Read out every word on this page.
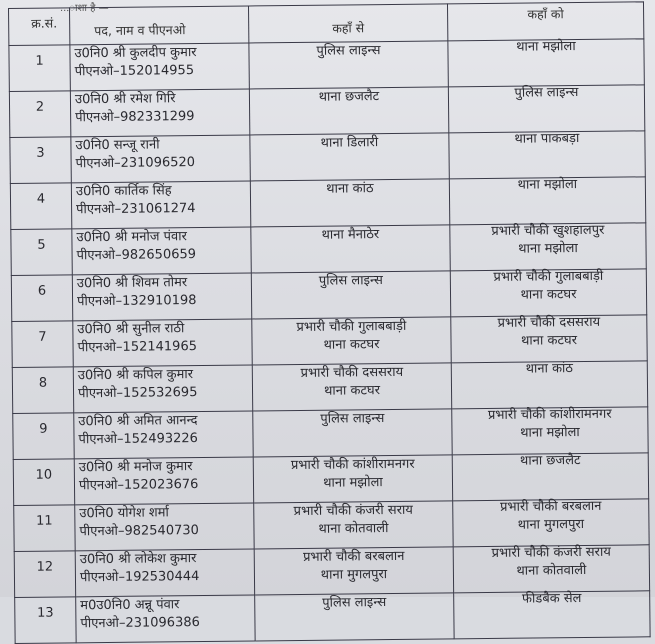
...ाशा है —
क्र.सं.	पद, नाम व पीएनओ	कहाँ से	कहाँ को
1	उ0नि0 श्री कुलदीप कुमार
पीएनओ–152014955	पुलिस लाइन्स	थाना मझोला

2	उ0नि0 श्री रमेश गिरि
पीएनओ–982331299	थाना छजलैट	पुलिस लाइन्स

3	उ0नि0 सन्जू रानी
पीएनओ–231096520	थाना डिलारी	थाना पाकबड़ा

4	उ0नि0 कार्तिक सिंह
पीएनओ–231061274	थाना कांठ	थाना मझोला

5	उ0नि0 श्री मनोज पंवार
पीएनओ–982650659	थाना मैनाठेर	प्रभारी चौकी खुशहालपुर
थाना मझोला

6	उ0नि0 श्री शिवम तोमर
पीएनओ–132910198	पुलिस लाइन्स	प्रभारी चौकी गुलाबबाड़ी
थाना कटघर

7	उ0नि0 श्री सुनील राठी
पीएनओ–152141965	प्रभारी चौकी गुलाबबाड़ी
थाना कटघर	प्रभारी चौकी दससराय
थाना कटघर

8	उ0नि0 श्री कपिल कुमार
पीएनओ–152532695	प्रभारी चौकी दससराय
थाना कटघर	थाना कांठ

9	उ0नि0 श्री अमित आनन्द
पीएनओ–152493226	पुलिस लाइन्स	प्रभारी चौकी कांशीरामनगर
थाना मझोला

10	उ0नि0 श्री मनोज कुमार
पीएनओ–152023676	प्रभारी चौकी कांशीरामनगर
थाना मझोला	थाना छजलैट

11	उ0नि0 योगेश शर्मा
पीएनओ–982540730	प्रभारी चौकी कंजरी सराय
थाना कोतवाली	प्रभारी चौकी बरबलान
थाना मुगलपुरा

12	उ0नि0 श्री लोकेश कुमार
पीएनओ–192530444	प्रभारी चौकी बरबलान
थाना मुगलपुरा	प्रभारी चौकी कंजरी सराय
थाना कोतवाली

13	म0उ0नि0 अन्नू पंवार
पीएनओ–231096386	पुलिस लाइन्स	फीडबैक सेल
